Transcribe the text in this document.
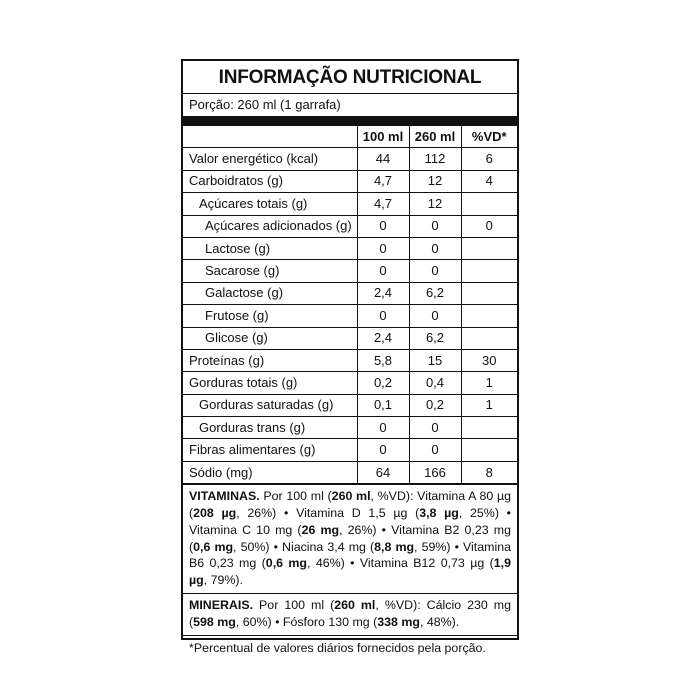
INFORMAÇÃO NUTRICIONAL
Porção: 260 ml (1 garrafa)
	100 ml	260 ml	%VD*
Valor energético (kcal)	44	112	6
Carboidratos (g)	4,7	12	4
Açúcares totais (g)	4,7	12	
Açúcares adicionados (g)	0	0	0
Lactose (g)	0	0	
Sacarose (g)	0	0	
Galactose (g)	2,4	6,2	
Frutose (g)	0	0	
Glicose (g)	2,4	6,2	
Proteínas (g)	5,8	15	30
Gorduras totais (g)	0,2	0,4	1
Gorduras saturadas (g)	0,1	0,2	1
Gorduras trans (g)	0	0	
Fibras alimentares (g)	0	0	
Sódio (mg)	64	166	8
VITAMINAS. Por 100 ml (260 ml, %VD): Vitamina A 80 µg (208 µg, 26%) • Vitamina D 1,5 µg (3,8 µg, 25%) • Vitamina C 10 mg (26 mg, 26%) • Vitamina B2 0,23 mg (0,6 mg, 50%) • Niacina 3,4 mg (8,8 mg, 59%) • Vitamina B6 0,23 mg (0,6 mg, 46%) • Vitamina B12 0,73 µg (1,9 µg, 79%).
MINERAIS. Por 100 ml (260 ml, %VD): Cálcio 230 mg (598 mg, 60%) • Fósforo 130 mg (338 mg, 48%).
*Percentual de valores diários fornecidos pela porção.
